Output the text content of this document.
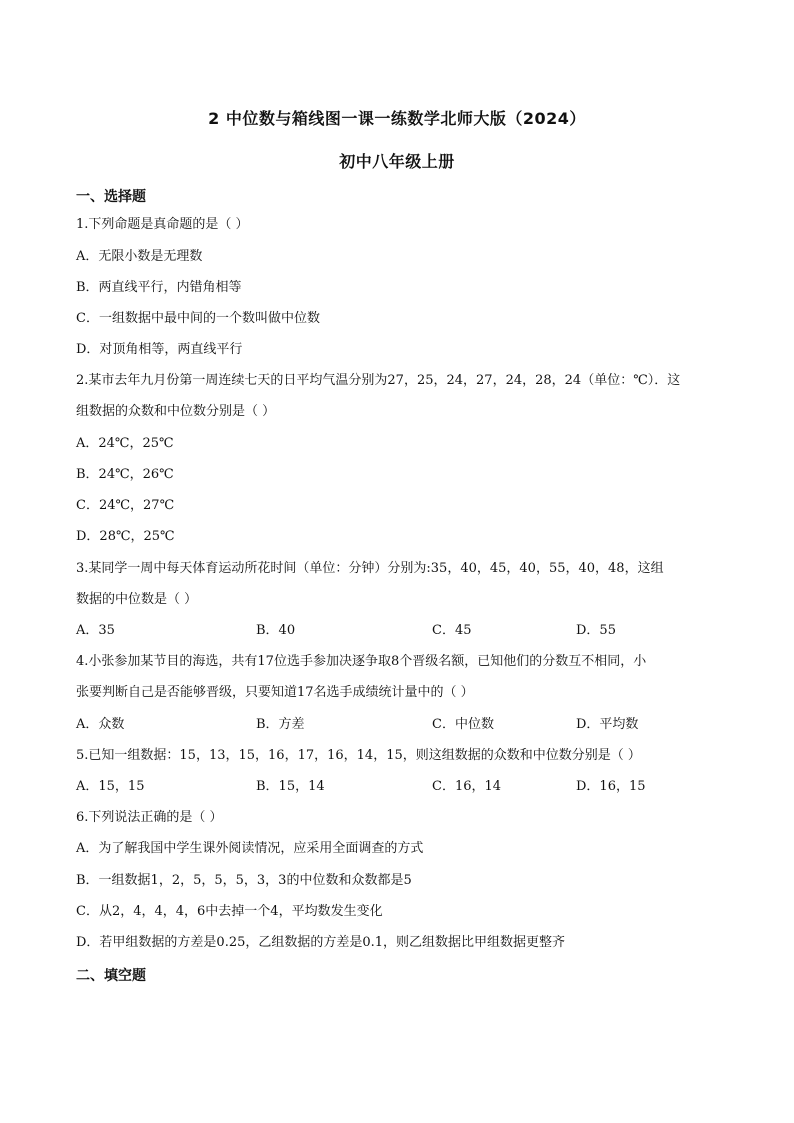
2 中位数与箱线图一课一练数学北师大版（2024）
初中八年级上册
一、选择题
1.下列命题是真命题的是（ ）
A．无限小数是无理数
B．两直线平行，内错角相等
C．一组数据中最中间的一个数叫做中位数
D．对顶角相等，两直线平行
2.某市去年九月份第一周连续七天的日平均气温分别为27，25，24，27，24，28，24（单位：℃）．这
组数据的众数和中位数分别是（ ）
A．24℃，25℃
B．24℃，26℃
C．24℃，27℃
D．28℃，25℃
3.某同学一周中每天体育运动所花时间（单位：分钟）分别为:35，40，45，40，55，40，48，这组
数据的中位数是（ ）
A．35	B．40	C．45	D．55
4.小张参加某节目的海选，共有17位选手参加决逐争取8个晋级名额，已知他们的分数互不相同，小
张要判断自己是否能够晋级，只要知道17名选手成绩统计量中的（ ）
A．众数	B．方差	C．中位数	D．平均数
5.已知一组数据：15，13，15，16，17，16，14，15，则这组数据的众数和中位数分别是（ ）
A．15，15	B．15，14	C．16，14	D．16，15
6.下列说法正确的是（ ）
A．为了解我国中学生课外阅读情况，应采用全面调查的方式
B．一组数据1，2，5，5，5，3，3的中位数和众数都是5
C．从2，4，4，4，6中去掉一个4，平均数发生变化
D．若甲组数据的方差是0.25，乙组数据的方差是0.1，则乙组数据比甲组数据更整齐
二、填空题
